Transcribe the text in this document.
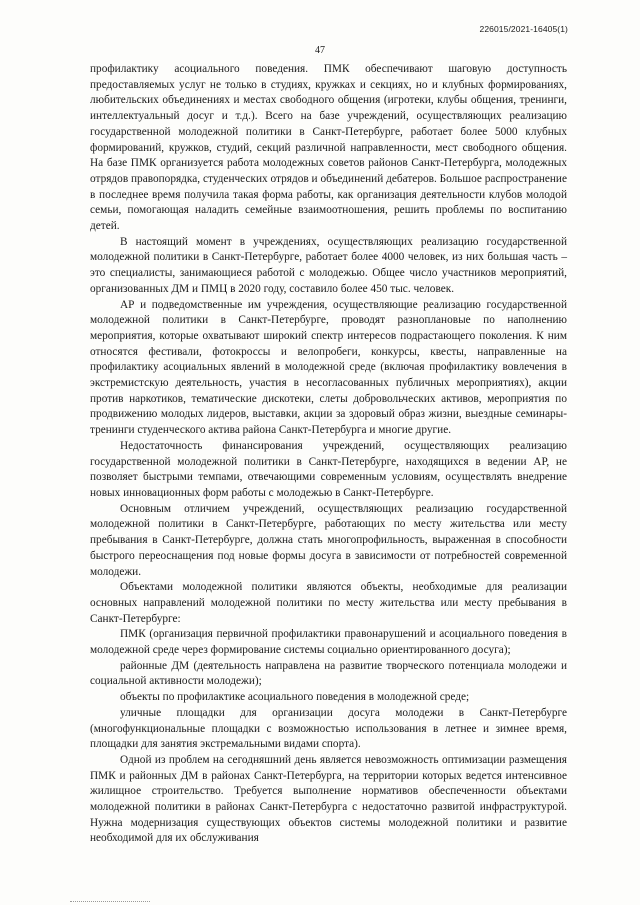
226015/2021-16405(1)
47

профилактику асоциального поведения. ПМК обеспечивают шаговую доступность предоставляемых услуг не только в студиях, кружках и секциях, но и клубных формированиях, любительских объединениях и местах свободного общения (игротеки, клубы общения, тренинги, интеллектуальный досуг и т.д.). Всего на базе учреждений, осуществляющих реализацию государственной молодежной политики в Санкт-Петербурге, работает более 5000 клубных формирований, кружков, студий, секций различной направленности, мест свободного общения. На базе ПМК организуется работа молодежных советов районов Санкт-Петербурга, молодежных отрядов правопорядка, студенческих отрядов и объединений дебатеров. Большое распространение в последнее время получила такая форма работы, как организация деятельности клубов молодой семьи, помогающая наладить семейные взаимоотношения, решить проблемы по воспитанию детей.

В настоящий момент в учреждениях, осуществляющих реализацию государственной молодежной политики в Санкт-Петербурге, работает более 4000 человек, из них большая часть – это специалисты, занимающиеся работой с молодежью. Общее число участников мероприятий, организованных ДМ и ПМЦ в 2020 году, составило более 450 тыс. человек.

АР и подведомственные им учреждения, осуществляющие реализацию государственной молодежной политики в Санкт-Петербурге, проводят разноплановые по наполнению мероприятия, которые охватывают широкий спектр интересов подрастающего поколения. К ним относятся фестивали, фотокроссы и велопробеги, конкурсы, квесты, направленные на профилактику асоциальных явлений в молодежной среде (включая профилактику вовлечения в экстремистскую деятельность, участия в несогласованных публичных мероприятиях), акции против наркотиков, тематические дискотеки, слеты добровольческих активов, мероприятия по продвижению молодых лидеров, выставки, акции за здоровый образ жизни, выездные семинары-тренинги студенческого актива района Санкт-Петербурга и многие другие.

Недостаточность финансирования учреждений, осуществляющих реализацию государственной молодежной политики в Санкт-Петербурге, находящихся в ведении АР, не позволяет быстрыми темпами, отвечающими современным условиям, осуществлять внедрение новых инновационных форм работы с молодежью в Санкт-Петербурге.

Основным отличием учреждений, осуществляющих реализацию государственной молодежной политики в Санкт-Петербурге, работающих по месту жительства или месту пребывания в Санкт-Петербурге, должна стать многопрофильность, выраженная в способности быстрого переоснащения под новые формы досуга в зависимости от потребностей современной молодежи.

Объектами молодежной политики являются объекты, необходимые для реализации основных направлений молодежной политики по месту жительства или месту пребывания в Санкт-Петербурге:

ПМК (организация первичной профилактики правонарушений и асоциального поведения в молодежной среде через формирование системы социально ориентированного досуга);

районные ДМ (деятельность направлена на развитие творческого потенциала молодежи и социальной активности молодежи);

объекты по профилактике асоциального поведения в молодежной среде;

уличные площадки для организации досуга молодежи в Санкт-Петербурге (многофункциональные площадки с возможностью использования в летнее и зимнее время, площадки для занятия экстремальными видами спорта).

Одной из проблем на сегодняшний день является невозможность оптимизации размещения ПМК и районных ДМ в районах Санкт-Петербурга, на территории которых ведется интенсивное жилищное строительство. Требуется выполнение нормативов обеспеченности объектами молодежной политики в районах Санкт-Петербурга с недостаточно развитой инфраструктурой. Нужна модернизация существующих объектов системы молодежной политики и развитие необходимой для их обслуживания
